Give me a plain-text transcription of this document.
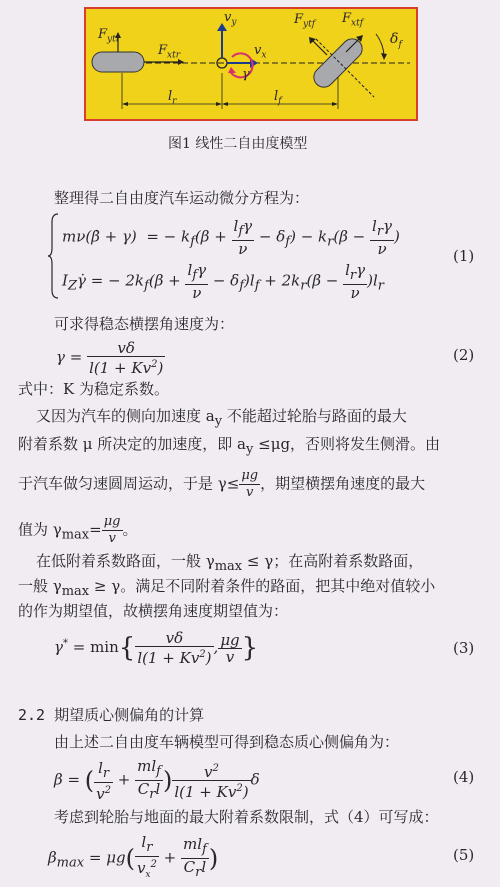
$F_{ytr}$
$F_{xtr}$
$v_y$
$v_x$
γ
$F_{ytf}$ $F_{xtf}$
$\delta_f$
$l_r$	$l_f$
图1 线性二自由度模型
整理得二自由度汽车运动微分方程为：
mν(β̇ + γ)  = − $k_f(\beta + \frac{l_f\gamma}{\nu} - \delta_f) - k_r(\beta - \frac{l_r\gamma}{\nu}$ )
$I_Z\gammȧ$ = − $2k_f(\beta + \frac{l_f\gamma}{\nu} - \delta_f)l_f + 2k_r(\beta - \frac{l_r\gamma}{\nu} )l_r$
(1)
可求得稳态横摆角速度为：
$\gamma = \frac{v\delta}{l(1 + Kv^2)}$	(2)
式中：K 为稳定系数。
又因为汽车的侧向加速度 $a_y$ 不能超过轮胎与路面的最大
附着系数 μ 所决定的加速度，即 $a_y \le\mu g$，否则将发生侧滑。由
于汽车做匀速圆周运动，于是 $\gamma\le \frac{\mu g}{v}$ ，期望横摆角速度的最大
值为 $\gamma_{max}= \frac{\mu g}{v}$ 。
在低附着系数路面，一般 $\gamma_{max} \le \gamma$；在高附着系数路面，
一般 $\gamma_{max} \ge \gamma$。满足不同附着条件的路面，把其中绝对值较小
的作为期望值，故横摆角速度期望值为：
$\gamma^* = \min\{ \frac{v\delta}{l(1 + Kv^2)}$ , $\frac{\mu g}{v}$ }	(3)
2.2 期望质心侧偏角的计算
由上述二自由度车辆模型可得到稳态质心侧偏角为：
β = ( $\frac{l_r}{v^2} + \frac{ml_f}{C_rl}$ ) $\frac{v^2}{l(1 + Kv^2)}$ δ	(4)
考虑到轮胎与地面的最大附着系数限制，式（4）可写成：
$\beta_{max} = \mu g( \frac{l_r}{v_x^2} + \frac{ml_f}{C_rl}$ )	(5)
